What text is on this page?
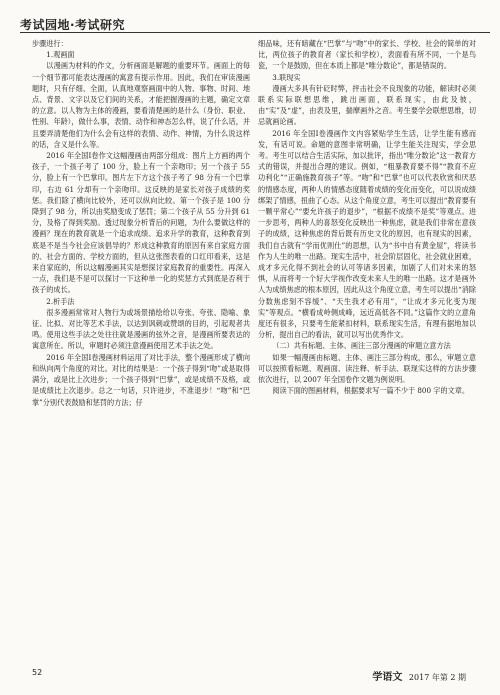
考试园地·考试研究

步骤进行：

1.观画面

以漫画为材料的作文，分析画面是解题的重要环节。画面上的每一个细节都可能表达漫画的寓意有提示作用。因此，我们在审读漫画题时，只有仔细、全面，认真地观察画面中的人物、事物、时间、地点、背景、文字以及它们间的关系，才能把握漫画的主题，确定文章的立意。以人物为主体的漫画，要看清楚画的是什么（身份、职业、性别、年龄），做什么事，表情、动作和神态怎么样，说了什么话，并且要弄清楚他们为什么会有这样的表情、动作、神情，为什么说这样的话，含义是什么等。

2016 年全国Ⅰ卷作文这幅漫画由两部分组成：图片上方画的两个孩子，一个孩子考了 100 分，脸上有一个亲吻印；另一个孩子 55 分，脸上有一个巴掌印。图片左下方这个孩子考了 98 分有一个巴掌印，右边 61 分却有一个亲吻印。这反映的是家长对孩子成绩的奖惩。我们除了横向比较外，还可以纵向比较。第一个孩子是 100 分降到了 98 分，所以由奖励变成了惩罚；第二个孩子从 55 分升到 61 分，及格了得到奖励。透过现象分析背后的问题，为什么要做这样的漫画？现在的教育就是一个追求成绩、追求升学的教育，这种教育到底是不是当今社会应该倡导的？形成这种教育的原因有来自家庭方面的、社会方面的、学校方面的，但从这张图表看的口红印看来，这是来自家庭的，所以这幅漫画其实是想探讨家庭教育的重要性。再深入一点，我们是不是可以探讨一下这种单一化的奖惩方式到底是否利于孩子的成长。

2.析手法

很多漫画常常对人物行为或场景描绘给以夸张、夸张、隐喻、象征、比拟、对比等艺术手法，以达到讽刺或赞颂的目的，引起观者共鸣。使用这些手法之处往往就是漫画的弦外之音，是漫画所要表达的寓意所在。所以，审题时必须注意漫画使用艺术手法之处。

2016 年全国Ⅰ卷漫画材料运用了对比手法，整个漫画形成了横向和纵向两个角度的对比。对比的结果是：一个孩子得到“吻”或是取得满分，或是比上次进步；一个孩子得到“巴掌”，或是成绩不及格，或是成绩比上次退步。总之一句话，只许进步，不准退步！“吻”和“巴掌”分别代表鼓励和惩罚的方法；仔

细品味，还有暗藏在“巴掌”与“吻”中的家长、学校、社会的简单的对比，两位孩子的教育者（家长和学校），表面看有所不同，一个是鸟瓷，一个是鼓励，但在本质上都是“唯分数论”，都是错误的。

3.联现实

漫画大多具有针砭时弊，抨击社会不良现象的功能，解读时必须联系实际联想思维，跳出画面，联系现实，由此及彼，由“实”及“虚”，由表及里，揣摩画外之音。考生要学会联想思维，切忌就画论画。

2016 年全国Ⅰ卷漫画作文内容紧贴学生生活，让学生能有感而发，有话可说。命题的意图非常明确，让学生能关注现实，学会思考。考生可以结合生活实际，加以批评，指出“唯分数论”这一教育方式的错误，并提出合理的建议。例如，“粗暴教育要不得”“教育不应功利化”“正确施教育孩子”等。“吻”和“巴掌”也可以代表欣赏和厌恶的情感态度，两种人的情感态度随着成绩的变化而变化，可以说成绩绑架了情感，扭曲了心态。从这个角度立意，考生可以提出“教育要有一颗平常心”“要允许孩子的退步”，“根据不成绩不是奖”等观点。进一步思考，两种人的喜怒变化反映出一种焦虑，就是我们非常在意孩子的成绩，这种焦虑的背后既有历史文化的原因，也有现实的因素，我们自古就有“学而优则仕”的思想，认为“书中自有黄金屋”，将读书作为人生的唯一出路。现实生活中，社会阶层固化，社会就业困难，成才多元化得不到社会的认可等诸多因素，加剧了人们对未来的怒惧，从而将考一个好大学视作改变未来人生的唯一出路。这才是画外人为成绩焦虑的根本原因，因此从这个角度立意，考生可以提出“消除分数焦虑刻不容缓”、“天生我才必有用”，“让成才多元化变为现实”等观点。“横看成岭侧成峰，远近高低各不同。”这篇作文的立意角度还有很多，只要考生能紧扣材料，联系现实生活，有理有据地加以分析，提出自己的看法，就可以写出优秀作文。

（二）共有标题、主体、画注三部分漫画的审题立意方法

如果一幅漫画由标题、主体、画注三部分构成，那么，审题立意可以按照看标题、观画面、读注释、析手法、联现实这样的方法步骤依次进行，以 2007 年全国卷作文题为例说明。

阅读下面的图画材料，根据要求写一篇不少于 800 字的文章。

52	学语文 2017 年第 2 期
